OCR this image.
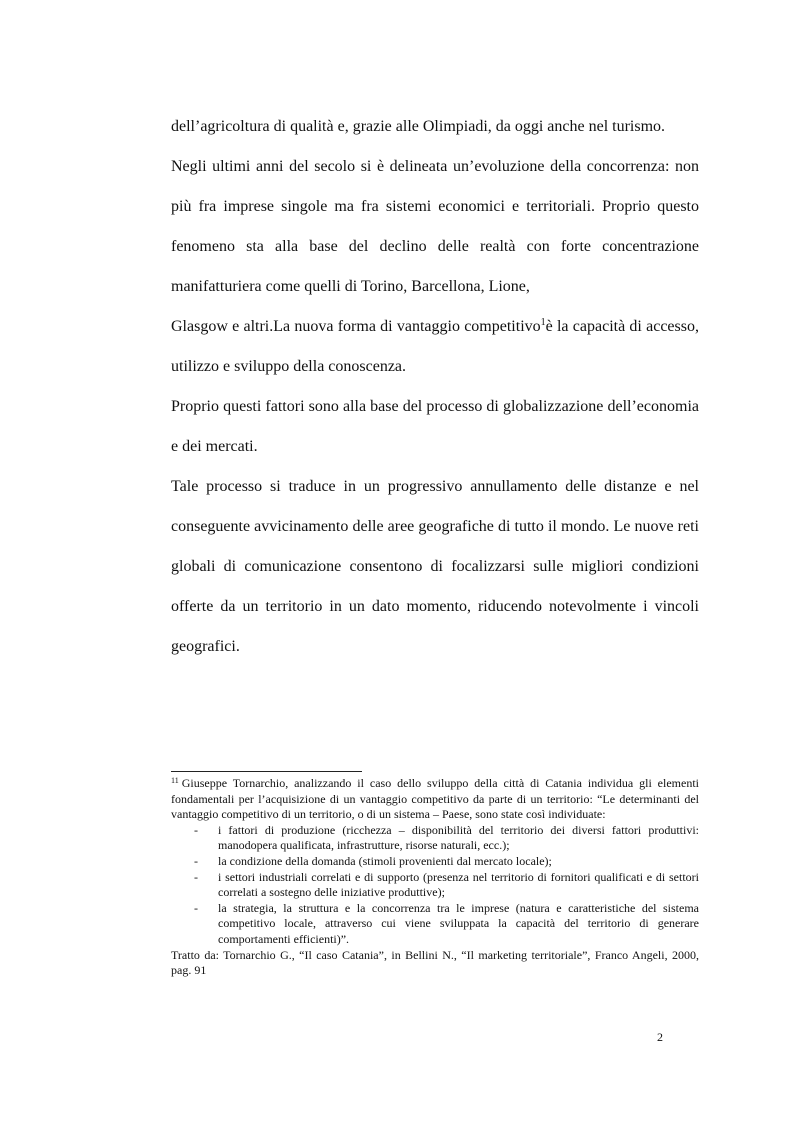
dell’agricoltura di qualità e, grazie alle Olimpiadi, da oggi anche nel turismo.

Negli ultimi anni del secolo si è delineata un’evoluzione della concorrenza: non più fra imprese singole ma fra sistemi economici e territoriali. Proprio questo fenomeno sta alla base del declino delle realtà con forte concentrazione manifatturiera come quelli di Torino, Barcellona, Lione,

Glasgow e altri.La nuova forma di vantaggio competitivo$^1$è la capacità di accesso, utilizzo e sviluppo della conoscenza.

Proprio questi fattori sono alla base del processo di globalizzazione dell’economia e dei mercati.

Tale processo si traduce in un progressivo annullamento delle distanze e nel conseguente avvicinamento delle aree geografiche di tutto il mondo. Le nuove reti globali di comunicazione consentono di focalizzarsi sulle migliori condizioni offerte da un territorio in un dato momento, riducendo notevolmente i vincoli geografici.

$^{11}$ Giuseppe Tornarchio, analizzando il caso dello sviluppo della città di Catania individua gli elementi fondamentali per l’acquisizione di un vantaggio competitivo da parte di un territorio: “Le determinanti del vantaggio competitivo di un territorio, o di un sistema – Paese, sono state così individuate:

- i fattori di produzione (ricchezza – disponibilità del territorio dei diversi fattori produttivi: manodopera qualificata, infrastrutture, risorse naturali, ecc.);
- la condizione della domanda (stimoli provenienti dal mercato locale);
- i settori industriali correlati e di supporto (presenza nel territorio di fornitori qualificati e di settori correlati a sostegno delle iniziative produttive);
- la strategia, la struttura e la concorrenza tra le imprese (natura e caratteristiche del sistema competitivo locale, attraverso cui viene sviluppata la capacità del territorio di generare comportamenti efficienti)”.

Tratto da: Tornarchio G., “Il caso Catania”, in Bellini N., “Il marketing territoriale”, Franco Angeli, 2000, pag. 91

2
